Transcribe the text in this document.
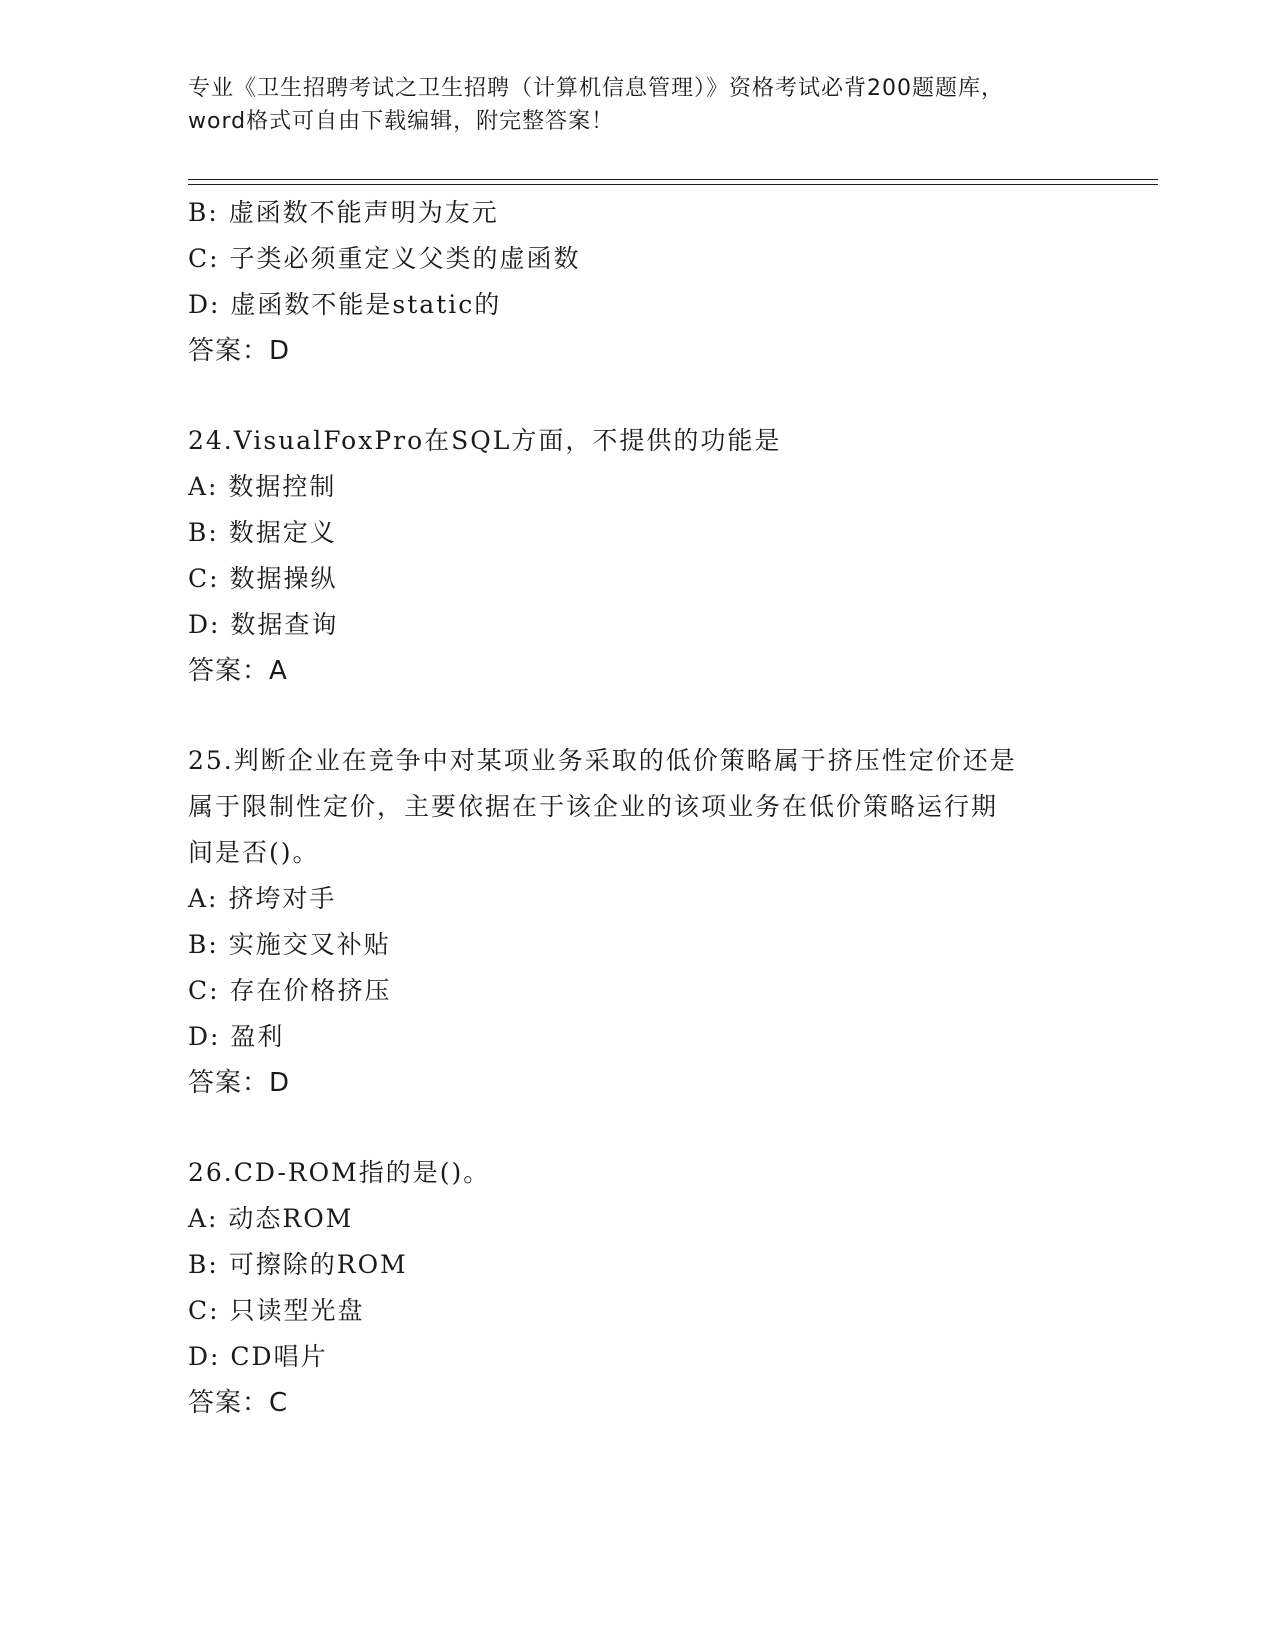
专业《卫生招聘考试之卫生招聘（计算机信息管理）》资格考试必背200题题库，
word格式可自由下载编辑，附完整答案！
B: 虚函数不能声明为友元
C: 子类必须重定义父类的虚函数
D: 虚函数不能是static的
答案：D
24.VisualFoxPro在SQL方面，不提供的功能是
A: 数据控制
B: 数据定义
C: 数据操纵
D: 数据查询
答案：A
25.判断企业在竞争中对某项业务采取的低价策略属于挤压性定价还是
属于限制性定价，主要依据在于该企业的该项业务在低价策略运行期
间是否()。
A: 挤垮对手
B: 实施交叉补贴
C: 存在价格挤压
D: 盈利
答案：D
26.CD-ROM指的是()。
A: 动态ROM
B: 可擦除的ROM
C: 只读型光盘
D: CD唱片
答案：C
